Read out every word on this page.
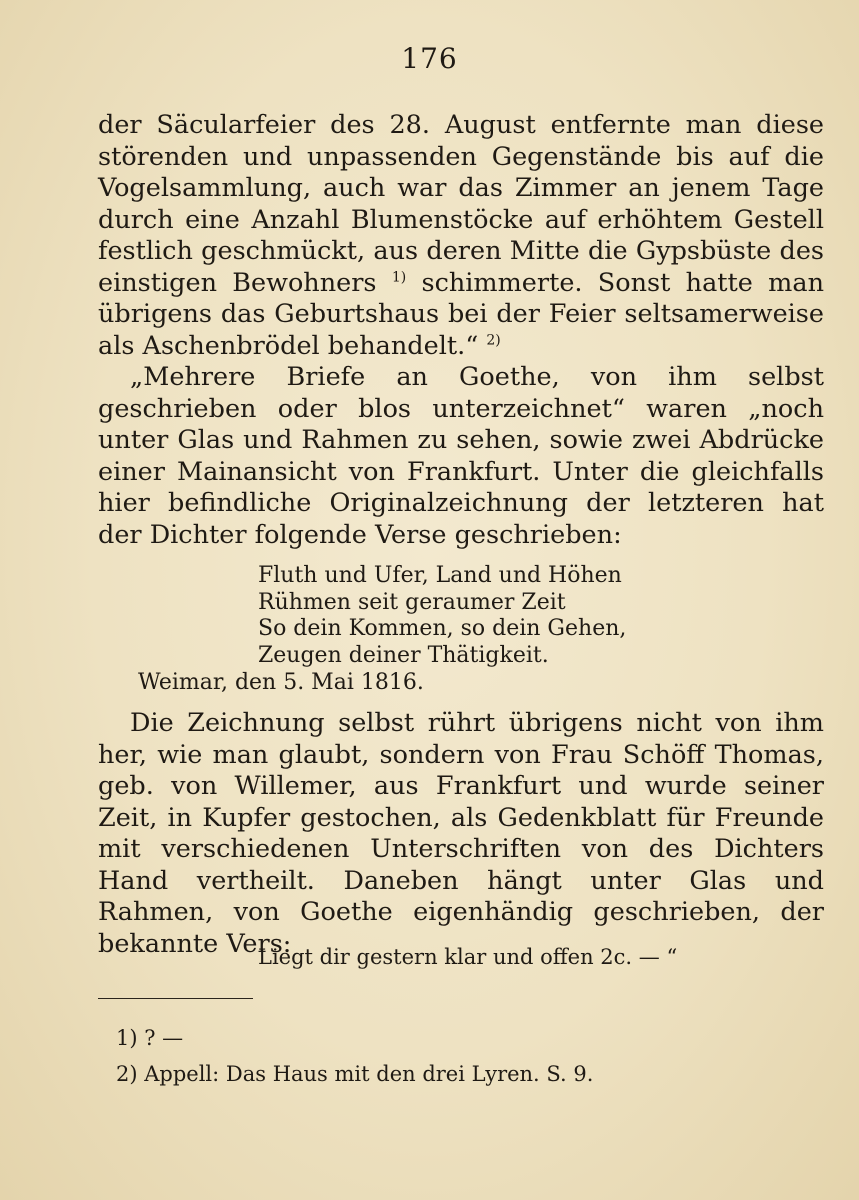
176
der Säcularfeier des 28. August entfernte man diese störenden und unpassenden Gegenstände bis auf die Vogelsammlung, auch war das Zimmer an jenem Tage durch eine Anzahl Blumenstöcke auf erhöhtem Gestell festlich geschmückt, aus deren Mitte die Gypsbüste des einstigen Bewohners $^{1)}$ schimmerte. Sonst hatte man übrigens das Geburtshaus bei der Feier seltsamerweise als Aschenbrödel behandelt.“ $^{2)}$
„Mehrere Briefe an Goethe, von ihm selbst geschrieben oder blos unterzeichnet“ waren „noch unter Glas und Rahmen zu sehen, sowie zwei Abdrücke einer Mainansicht von Frankfurt. Unter die gleichfalls hier befindliche Originalzeichnung der letzteren hat der Dichter folgende Verse geschrieben:
Fluth und Ufer, Land und Höhen
Rühmen seit geraumer Zeit
So dein Kommen, so dein Gehen,
Zeugen deiner Thätigkeit.
Weimar, den 5. Mai 1816.
Die Zeichnung selbst rührt übrigens nicht von ihm her, wie man glaubt, sondern von Frau Schöff Thomas, geb. von Willemer, aus Frankfurt und wurde seiner Zeit, in Kupfer gestochen, als Gedenkblatt für Freunde mit verschiedenen Unterschriften von des Dichters Hand vertheilt. Daneben hängt unter Glas und Rahmen, von Goethe eigenhändig geschrieben, der bekannte Vers:
Liegt dir gestern klar und offen 2c. — “
1) ? —
2) Appell: Das Haus mit den drei Lyren. S. 9.
